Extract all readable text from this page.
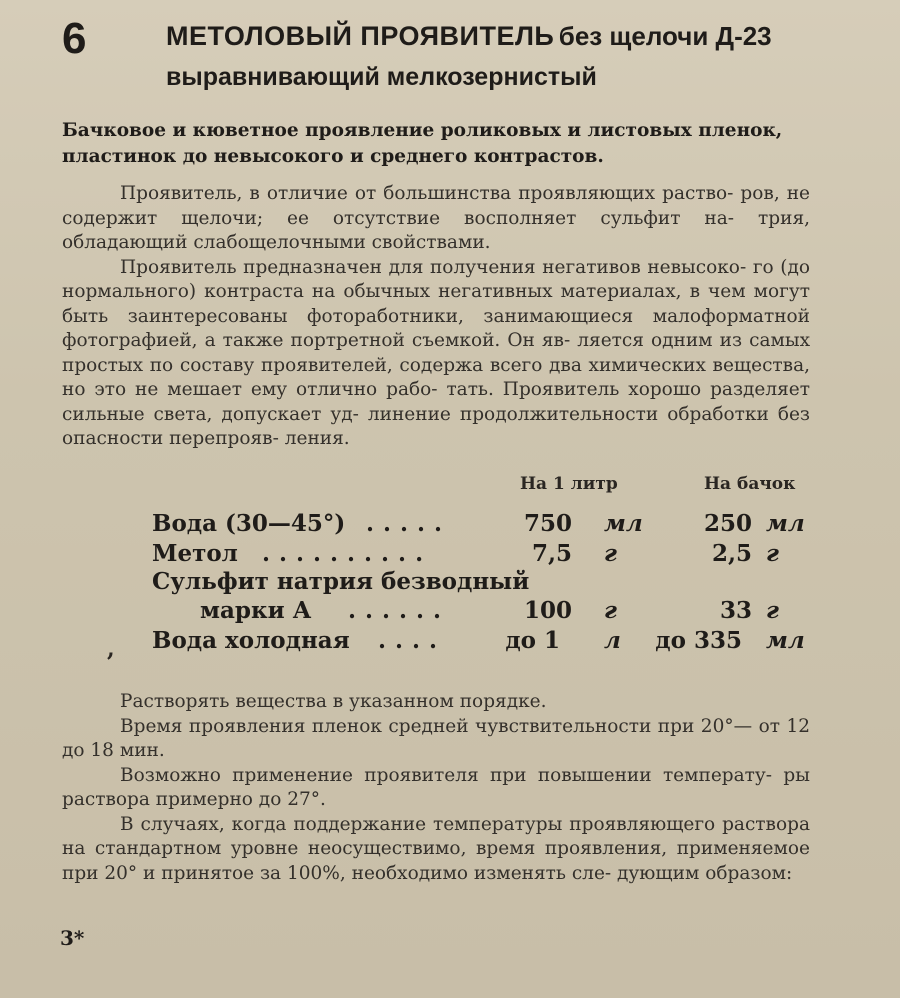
6	МЕТОЛОВЫЙ ПРОЯВИТЕЛЬ без щелочи Д-23
выравнивающий мелкозернистый
Бачковое и кюветное проявление роликовых и листовых пленок,
пластинок до невысокого и среднего контрастов.

Проявитель, в отличие от большинства проявляющих раство- ров, не содержит щелочи; ее отсутствие восполняет сульфит на- трия, обладающий слабощелочными свойствами.

Проявитель предназначен для получения негативов невысоко- го (до нормального) контраста на обычных негативных материалах, в чем могут быть заинтересованы фотоработники, занимающиеся малоформатной фотографией, а также портретной съемкой. Он яв- ляется одним из самых простых по составу проявителей, содержа всего два химических вещества, но это не мешает ему отлично рабо- тать. Проявитель хорошо разделяет сильные света, допускает уд- линение продолжительности обработки без опасности перепрояв- ления.

На 1 литр	На бачок
Вода (30—45°) .....	750 мл	250 мл
Метол ..........	7,5 г	2,5 г
Сульфит натрия безводный
марки А ......	100 г	33 г
Вода холодная ....	до 1 л	до 335 мл
,

Растворять вещества в указанном порядке.

Время проявления пленок средней чувствительности при 20°— от 12 до 18 мин.

Возможно применение проявителя при повышении температу- ры раствора примерно до 27°.

В случаях, когда поддержание температуры проявляющего раствора на стандартном уровне неосуществимо, время проявления, применяемое при 20° и принятое за 100%, необходимо изменять сле- дующим образом:

3*
